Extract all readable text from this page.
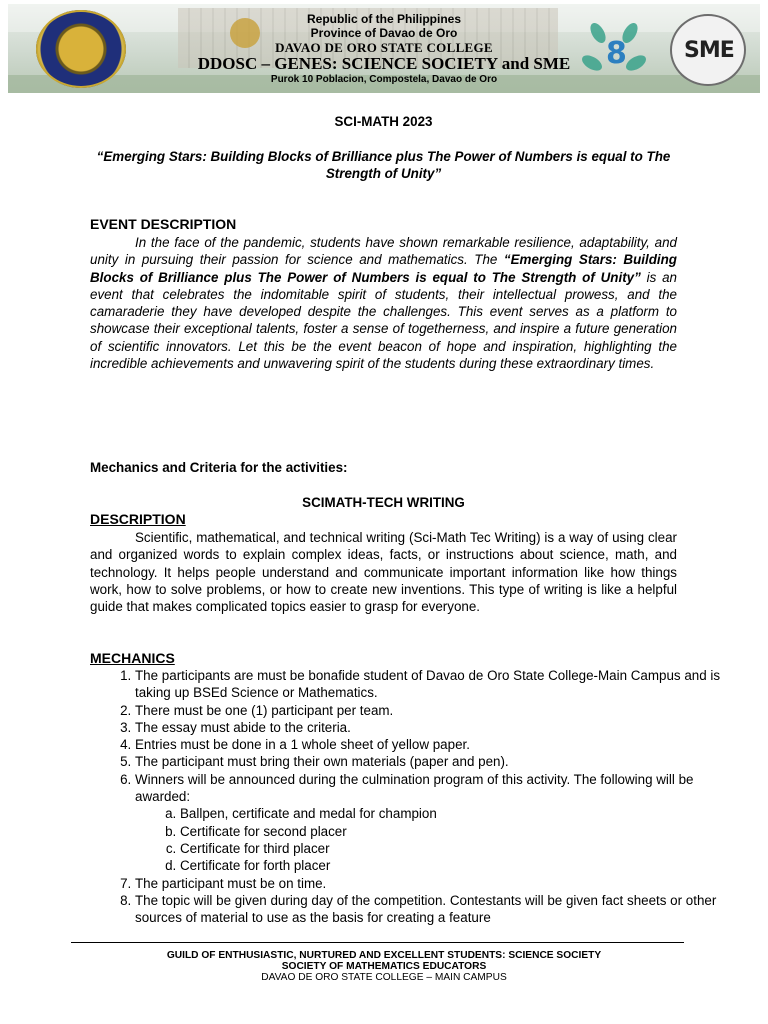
8	SME
Republic of the Philippines
Province of Davao de Oro
DAVAO DE ORO STATE COLLEGE
DDOSC – GENES: SCIENCE SOCIETY and SME
Purok 10 Poblacion, Compostela, Davao de Oro
SCI-MATH 2023
“Emerging Stars: Building Blocks of Brilliance plus The Power of Numbers is equal to The Strength of Unity”
EVENT DESCRIPTION
In the face of the pandemic, students have shown remarkable resilience, adaptability, and unity in pursuing their passion for science and mathematics. The “Emerging Stars: Building Blocks of Brilliance plus The Power of Numbers is equal to The Strength of Unity” is an event that celebrates the indomitable spirit of students, their intellectual prowess, and the camaraderie they have developed despite the challenges. This event serves as a platform to showcase their exceptional talents, foster a sense of togetherness, and inspire a future generation of scientific innovators. Let this be the event beacon of hope and inspiration, highlighting the incredible achievements and unwavering spirit of the students during these extraordinary times.
Mechanics and Criteria for the activities:
SCIMATH-TECH WRITING
DESCRIPTION
Scientific, mathematical, and technical writing (Sci-Math Tec Writing) is a way of using clear and organized words to explain complex ideas, facts, or instructions about science, math, and technology. It helps people understand and communicate important information like how things work, how to solve problems, or how to create new inventions. This type of writing is like a helpful guide that makes complicated topics easier to grasp for everyone.
MECHANICS
1. The participants are must be bonafide student of Davao de Oro State College-Main Campus and is taking up BSEd Science or Mathematics.
2. There must be one (1) participant per team.
3. The essay must abide to the criteria.
4. Entries must be done in a 1 whole sheet of yellow paper.
5. The participant must bring their own materials (paper and pen).
6. Winners will be announced during the culmination program of this activity. The following will be awarded:
a. Ballpen, certificate and medal for champion
b. Certificate for second placer
c. Certificate for third placer
d. Certificate for forth placer
7. The participant must be on time.
8. The topic will be given during day of the competition. Contestants will be given fact sheets or other sources of material to use as the basis for creating a feature
GUILD OF ENTHUSIASTIC, NURTURED AND EXCELLENT STUDENTS: SCIENCE SOCIETY
SOCIETY OF MATHEMATICS EDUCATORS
DAVAO DE ORO STATE COLLEGE – MAIN CAMPUS
